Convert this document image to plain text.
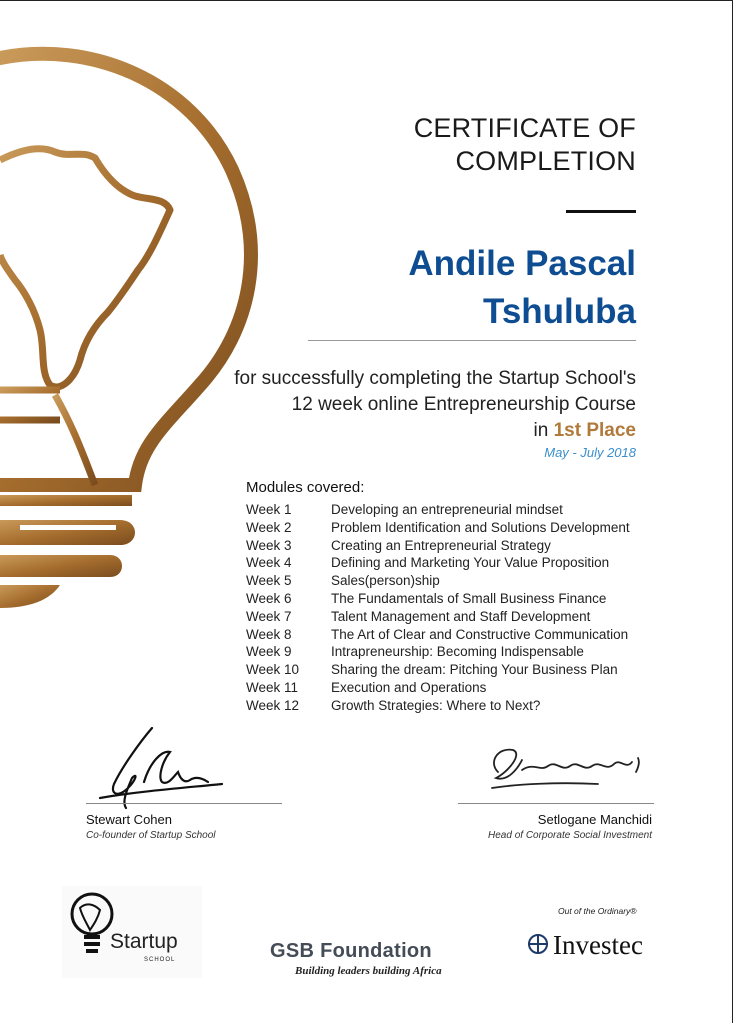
CERTIFICATE OF
COMPLETION
Andile Pascal
Tshuluba
for successfully completing the Startup School's
12 week online Entrepreneurship Course
in 1st Place
May - July 2018
Modules covered:
Week 1	Developing an entrepreneurial mindset
Week 2	Problem Identification and Solutions Development
Week 3	Creating an Entrepreneurial Strategy
Week 4	Defining and Marketing Your Value Proposition
Week 5	Sales(person)ship
Week 6	The Fundamentals of Small Business Finance
Week 7	Talent Management and Staff Development
Week 8	The Art of Clear and Constructive Communication
Week 9	Intrapreneurship: Becoming Indispensable
Week 10 Sharing the dream: Pitching Your Business Plan
Week 11 Execution and Operations
Week 12 Growth Strategies: Where to Next?
Stewart Cohen
Co-founder of Startup School
Setlogane Manchidi
Head of Corporate Social Investment
Startup
SCHOOL	GSB Foundation
Building leaders building Africa
Out of the Ordinary®
Investec
